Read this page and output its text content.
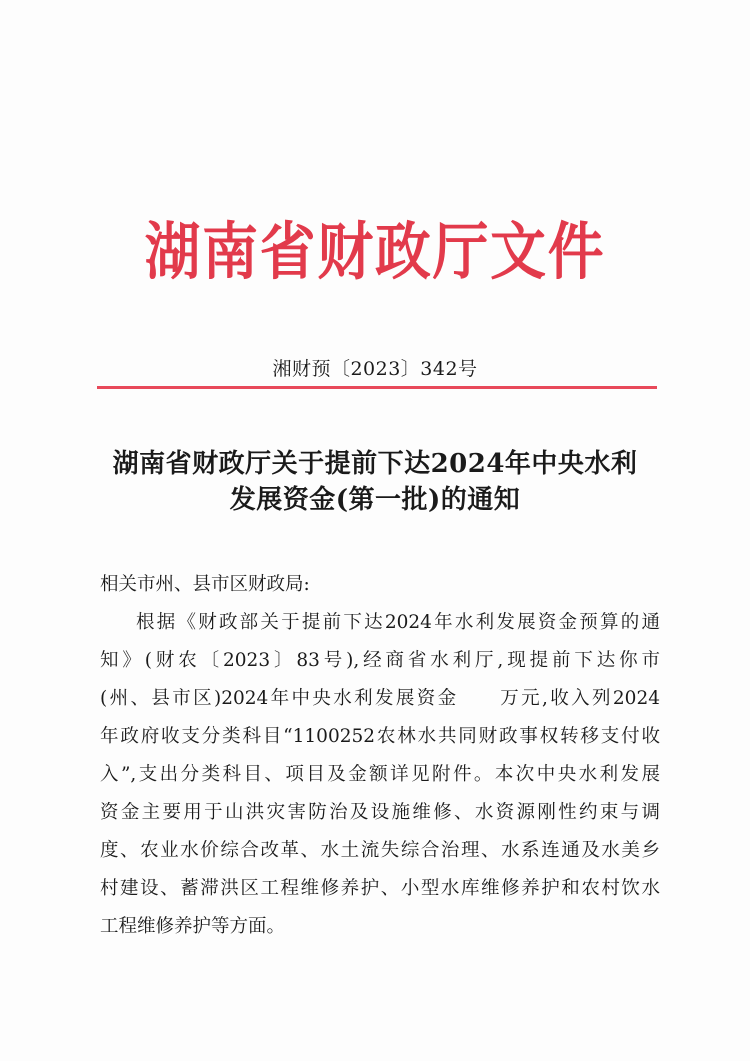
湖南省财政厅文件
湘财预〔2023〕342号
湖南省财政厅关于提前下达2024年中央水利
发展资金(第一批)的通知
相关市州、县市区财政局:
根据《财政部关于提前下达2024年水利发展资金预算的通
知》(财农〔2023〕83号),经商省水利厅,现提前下达你市
(州、县市区)2024年中央水利发展资金　　万元,收入列2024
年政府收支分类科目“1100252农林水共同财政事权转移支付收
入”,支出分类科目、项目及金额详见附件。本次中央水利发展
资金主要用于山洪灾害防治及设施维修、水资源刚性约束与调
度、农业水价综合改革、水土流失综合治理、水系连通及水美乡
村建设、蓄滞洪区工程维修养护、小型水库维修养护和农村饮水
工程维修养护等方面。
